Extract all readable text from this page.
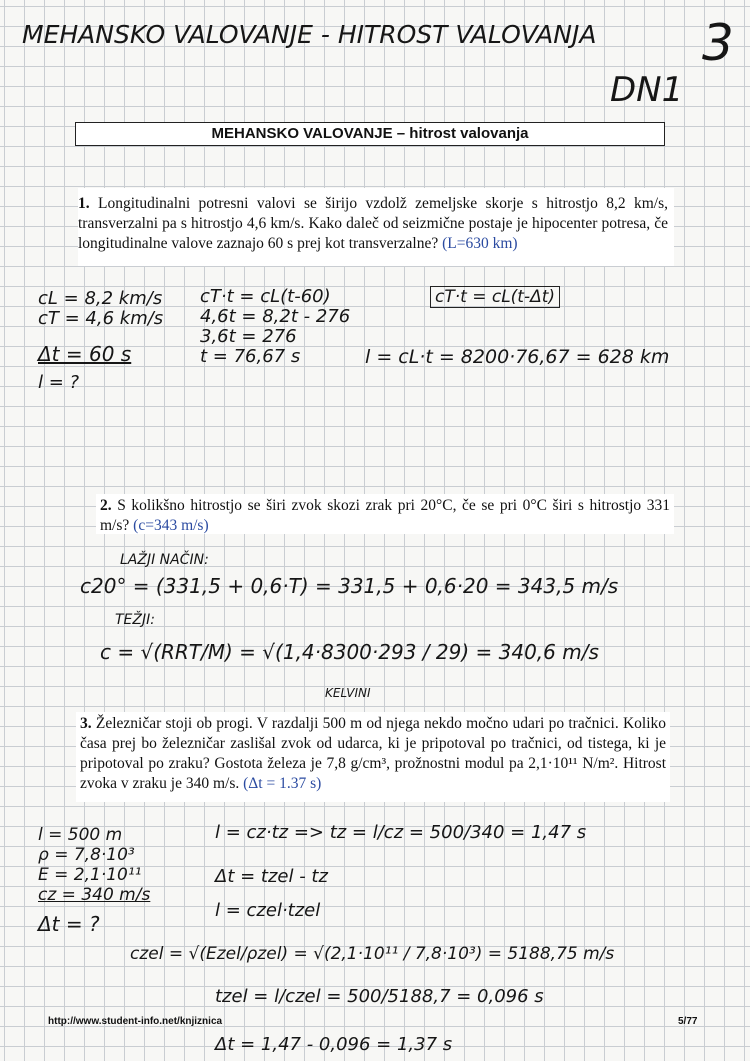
MEHANSKO VALOVANJE - HITROST VALOVANJA 3
DN1
MEHANSKO VALOVANJE – hitrost valovanja
1. Longitudinalni potresni valovi se širijo vzdolž zemeljske skorje s hitrostjo 8,2 km/s, transverzalni pa s hitrostjo 4,6 km/s. Kako daleč od seizmične postaje je hipocenter potresa, če longitudinalne valove zaznajo 60 s prej kot transverzalne? (L=630 km)
cL = 8,2 km/s
cT = 4,6 km/s
Δt = 60 s
l = ?
cT·t = cL(t-60)
4,6t = 8,2t - 276
3,6t = 276
t = 76,67 s
cT·t = cL(t-Δt)
l = cL·t = 8200·76,67 = 628 km
2. S kolikšno hitrostjo se širi zvok skozi zrak pri 20°C, če se pri 0°C širi s hitrostjo 331 m/s? (c=343 m/s)
LAŽJI NAČIN:
c20° = (331,5 + 0,6·T) = 331,5 + 0,6·20 = 343,5 m/s
TEŽJI:
c = √(RRT/M) = √(1,4·8300·293 / 29) = 340,6 m/s
KELVINI
3. Železničar stoji ob progi. V razdalji 500 m od njega nekdo močno udari po tračnici. Koliko časa prej bo železničar zaslišal zvok od udarca, ki je pripotoval po tračnici, od tistega, ki je pripotoval po zraku? Gostota železa je 7,8 g/cm³, prožnostni modul pa 2,1·10¹¹ N/m². Hitrost zvoka v zraku je 340 m/s. (Δt = 1.37 s)
l = 500 m
ρ = 7,8·10³
E = 2,1·10¹¹
cz = 340 m/s
Δt = ?
l = cz·tz => tz = l/cz = 500/340 = 1,47 s
Δt = tzel - tz
l = czel·tzel
czel = √(Ezel/ρzel) = √(2,1·10¹¹ / 7,8·10³) = 5188,75 m/s
tzel = l/czel = 500/5188,7 = 0,096 s
Δt = 1,47 - 0,096 = 1,37 s
http://www.student-info.net/knjiznica	5/77
